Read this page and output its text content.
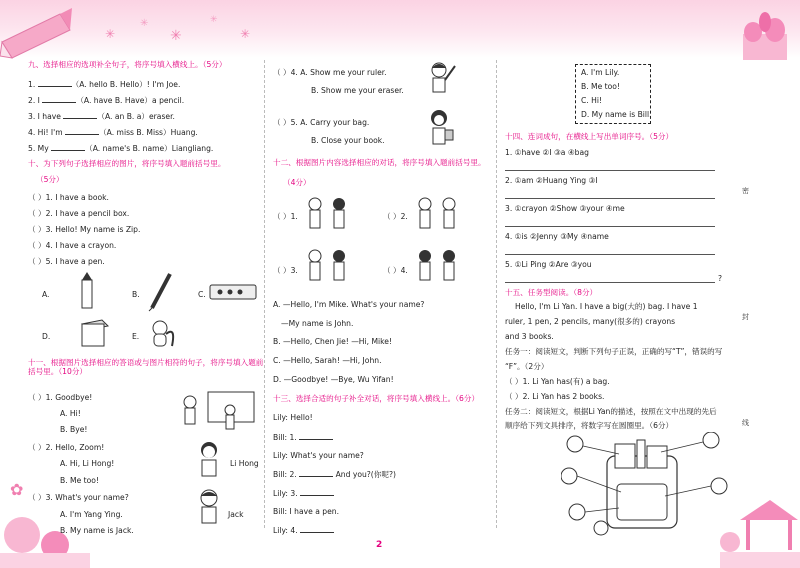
✳
✳
✳
✳
✳
✿
密
封
线
九、选择相应的选项补全句子，将序号填入横线上。（5分）
1.	（A. hello B. Hello）! I'm Joe.
2. I	（A. have B. Have）a pencil.
3. I have	（A. an B. a）eraser.
4. Hi! I'm	（A. miss B. Miss）Huang.
5. My	（A. name's B. name）Liangliang.
十、为下列句子选择相应的图片，将序号填入题前括号里。
（5分）
（ ）1. I have a book.
（ ）2. I have a pencil box.
（ ）3. Hello! My name is Zip.
（ ）4. I have a crayon.
（ ）5. I have a pen.
A.	B.	C.
D.	E.
十一、根据图片选择相应的答语或与图片相符的句子，将序号填入题前括号里。（10分）
（ ）1. Goodbye!
A. Hi!
B. Bye!
（ ）2. Hello, Zoom!
A. Hi, Li Hong!
B. Me too!
Li Hong
（ ）3. What's your name?
A. I'm Yang Ying.
B. My name is Jack.
Jack
（ ）4. A. Show me your ruler.
B. Show me your eraser.
（ ）5. A. Carry your bag.
B. Close your book.
十二、根据图片内容选择相应的对话，将序号填入题前括号里。
（4分）
（ ）1.	（ ）2.
（ ）3.	（ ）4.
A. —Hello, I'm Mike. What's your name?
—My name is John.
B. —Hello, Chen Jie! —Hi, Mike!
C. —Hello, Sarah! —Hi, John.
D. —Goodbye! —Bye, Wu Yifan!
十三、选择合适的句子补全对话，将序号填入横线上。（6分）
Lily: Hello!
Bill: 1.
Lily: What's your name?
Bill: 2.	And you?(你呢?)
Lily: 3.
Bill: I have a pen.
Lily: 4.
A. I'm Lily.
B. Me too!
C. Hi!
D. My name is Bill.
十四、连词成句，在横线上写出单词序号。（5分）
1. ①have ②I ③a ④bag
2. ①am ②Huang Ying ③I
3. ①crayon ②Show ③your ④me
4. ①is ②Jenny ③My ④name
5. ①Li Ping ②Are ③you
?
十五、任务型阅读。（8分）
Hello, I'm Li Yan. I have a big(大的) bag. I have 1
ruler, 1 pen, 2 pencils, many(很多的) crayons
and 3 books.
任务一：阅读短文，判断下列句子正误，正确的写“T”，错误的写
“F”。（2分）
（ ）1. Li Yan has(有) a bag.
（ ）2. Li Yan has 2 books.
任务二：阅读短文，根据Li Yan的描述，按照在文中出现的先后
顺序给下列文具排序，将数字写在圆圈里。（6分）
2
